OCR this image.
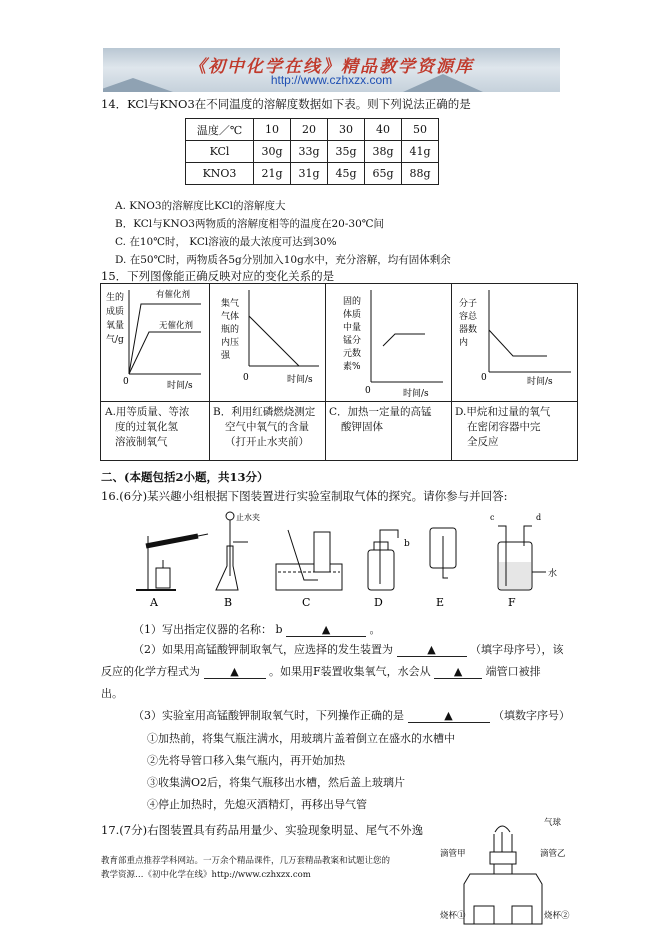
《初中化学在线》精品教学资源库
http://www.czhxzx.com
14．KCl与KNO3在不同温度的溶解度数据如下表。则下列说法正确的是
温度／℃	10	20	30	40	50
KCl	30g	33g	35g	38g	41g
KNO3	21g	31g	45g	65g	88g
A. KNO3的溶解度比KCl的溶解度大
B．KCl与KNO3两物质的溶解度相等的温度在20-30℃间
C. 在10℃时， KCl溶液的最大浓度可达到30%
D. 在50℃时，两物质各5g分别加入10g水中，充分溶解，均有固体剩余
15．下列图像能正确反映对应的变化关系的是
生的
成质
氧量
气/g
有催化剂
无催化剂
0	时间/s
集气
气体
瓶的
内压
强
0	时间/s
固的
体质
中量
锰分
元数
素%
0	时间/s
分子
容总
器数
内
0	时间/s
A.用等质量、等浓
度的过氧化氢
溶液制氧气
B．利用红磷燃烧测定
空气中氧气的含量
（打开止水夹前）
C．加热一定量的高锰
酸钾固体
D.甲烷和过量的氧气
在密闭容器中完
全反应
二、(本题包括2小题，共13分）
16.(6分)某兴趣小组根据下图装置进行实验室制取气体的探究。请你参与并回答:
A
止水夹
B	C
b
D	E
c	d
水
F
（1）写出指定仪器的名称： b	▲	。
（2）如果用高锰酸钾制取氧气，应选择的发生装置为	▲	（填字母序号），该
反应的化学方程式为	▲	。如果用F装置收集氧气，水会从 ▲ 端管口被排
出。
（3）实验室用高锰酸钾制取氧气时，下列操作正确的是	▲	（填数字序号）
①加热前，将集气瓶注满水，用玻璃片盖着倒立在盛水的水槽中
②先将导管口移入集气瓶内，再开始加热
③收集满O2后，将集气瓶移出水槽，然后盖上玻璃片
④停止加热时，先熄灭酒精灯，再移出导气管
17.(7分)右图装置具有药品用量少、实验现象明显、尾气不外逸	气球
滴管甲	滴管乙
烧杯①	烧杯②
教育部重点推荐学科网站。一万余个精品课件，几万套精品教案和试题让您的
教学资源…《初中化学在线》http://www.czhxzx.com
